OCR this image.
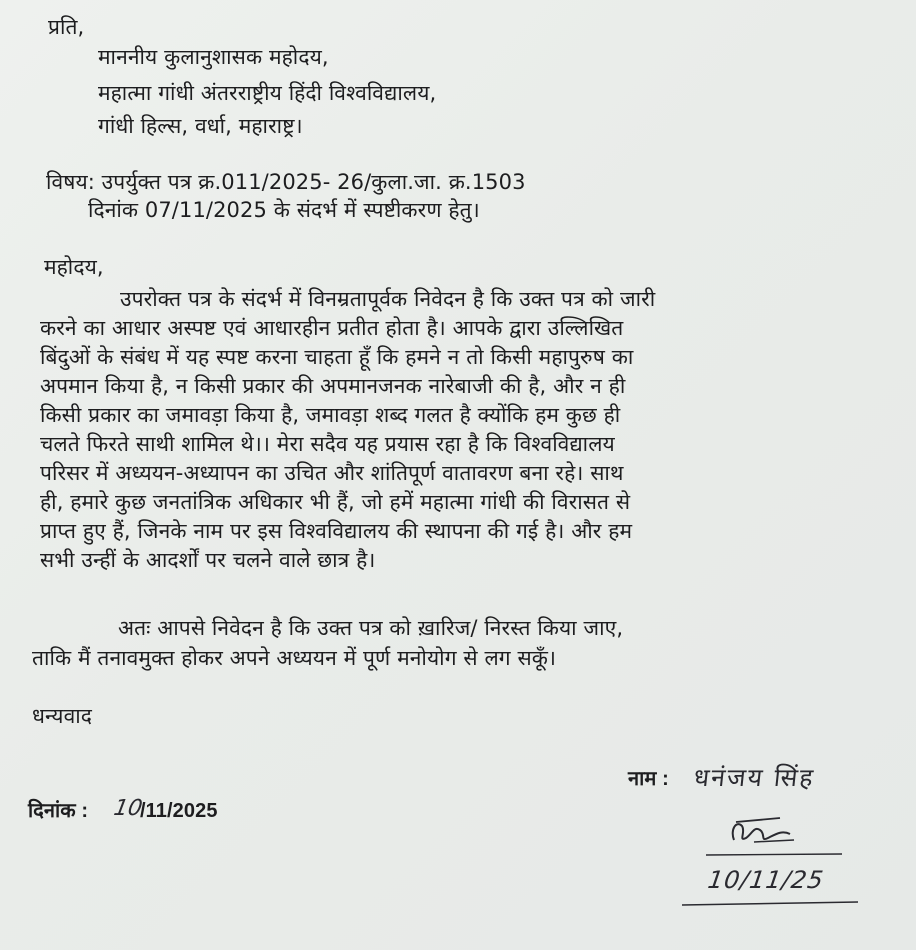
प्रति,
माननीय कुलानुशासक महोदय,
महात्मा गांधी अंतरराष्ट्रीय हिंदी विश्वविद्यालय,
गांधी हिल्स, वर्धा, महाराष्ट्र।
विषय: उपर्युक्त पत्र क्र.011/2025- 26/कुला.जा. क्र.1503
दिनांक 07/11/2025 के संदर्भ में स्पष्टीकरण हेतु।
महोदय,
उपरोक्त पत्र के संदर्भ में विनम्रतापूर्वक निवेदन है कि उक्त पत्र को जारी
करने का आधार अस्पष्ट एवं आधारहीन प्रतीत होता है। आपके द्वारा उल्लिखित
बिंदुओं के संबंध में यह स्पष्ट करना चाहता हूँ कि हमने न तो किसी महापुरुष का
अपमान किया है, न किसी प्रकार की अपमानजनक नारेबाजी की है, और न ही
किसी प्रकार का जमावड़ा किया है, जमावड़ा शब्द गलत है क्योंकि हम कुछ ही
चलते फिरते साथी शामिल थे।। मेरा सदैव यह प्रयास रहा है कि विश्वविद्यालय
परिसर में अध्ययन-अध्यापन का उचित और शांतिपूर्ण वातावरण बना रहे। साथ
ही, हमारे कुछ जनतांत्रिक अधिकार भी हैं, जो हमें महात्मा गांधी की विरासत से
प्राप्त हुए हैं, जिनके नाम पर इस विश्वविद्यालय की स्थापना की गई है। और हम
सभी उन्हीं के आदर्शों पर चलने वाले छात्र है।
अतः आपसे निवेदन है कि उक्त पत्र को ख़ारिज/ निरस्त किया जाए,
ताकि मैं तनावमुक्त होकर अपने अध्ययन में पूर्ण मनोयोग से लग सकूँ।
धन्यवाद
नाम : धनंजय सिंह
दिनांक : 10
/11/2025
10/11/25
